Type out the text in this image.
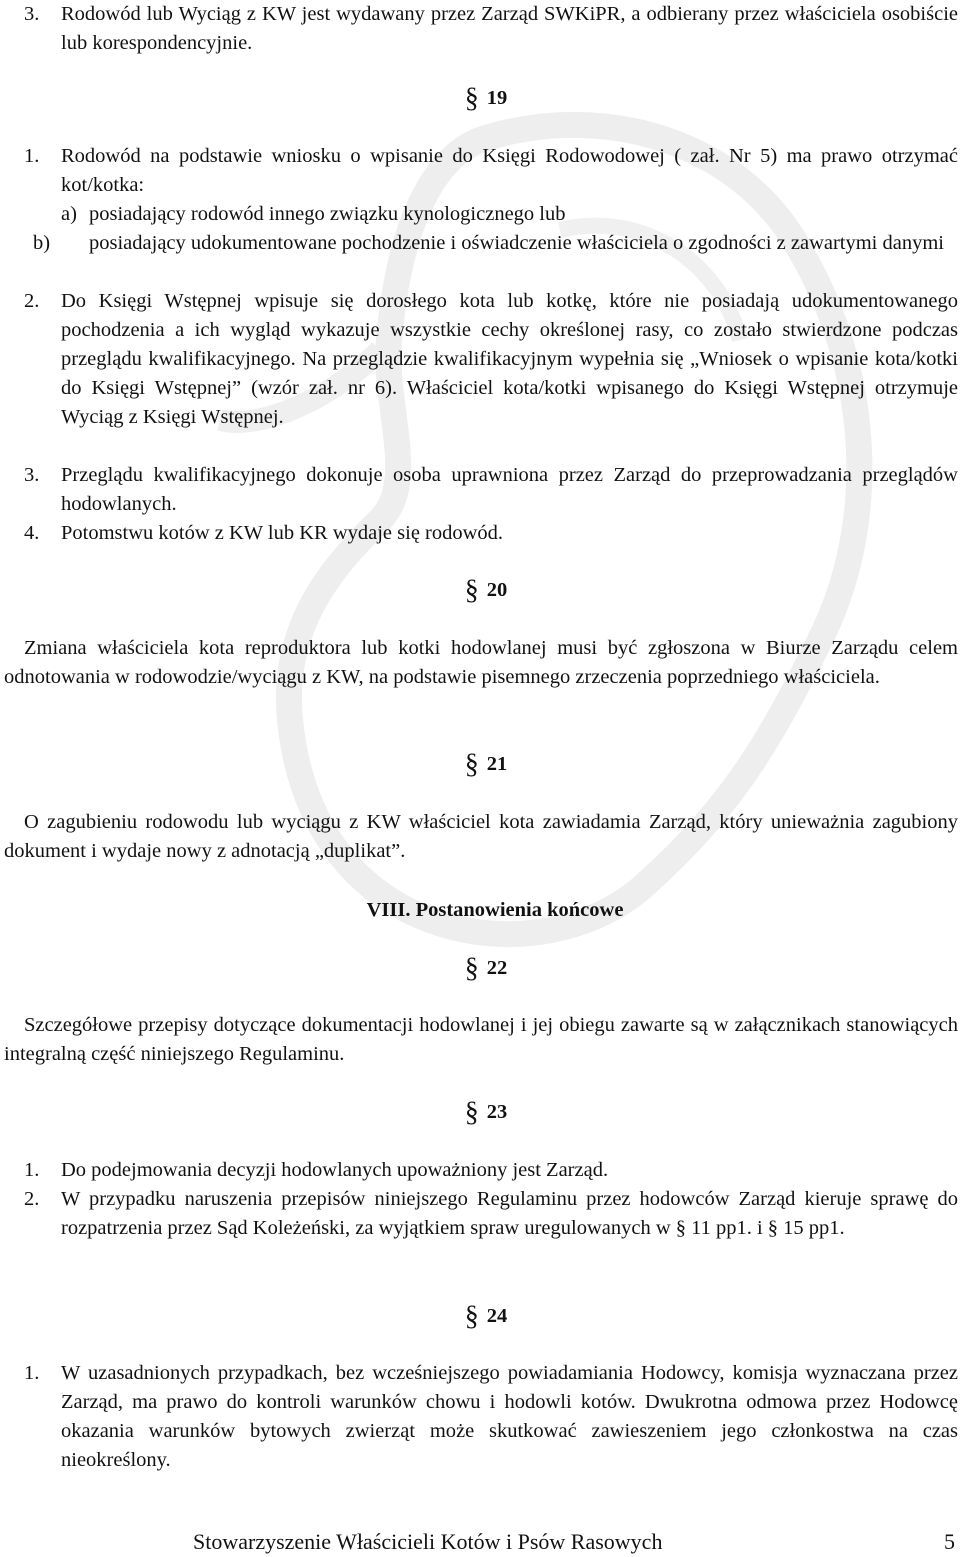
3. Rodowód lub Wyciąg z KW jest wydawany przez Zarząd SWKiPR, a odbierany przez właściciela osobiście lub korespondencyjnie.
§ 19
1. Rodowód na podstawie wniosku o wpisanie do Księgi Rodowodowej ( zał. Nr 5) ma prawo otrzymać kot/kotka:
a) posiadający rodowód innego związku kynologicznego lub
b) posiadający udokumentowane pochodzenie i oświadczenie właściciela o zgodności z zawartymi danymi
2. Do Księgi Wstępnej wpisuje się dorosłego kota lub kotkę, które nie posiadają udokumentowanego pochodzenia a ich wygląd wykazuje wszystkie cechy określonej rasy, co zostało stwierdzone podczas przeglądu kwalifikacyjnego. Na przeglądzie kwalifikacyjnym wypełnia się „Wniosek o wpisanie kota/kotki do Księgi Wstępnej” (wzór zał. nr 6). Właściciel kota/kotki wpisanego do Księgi Wstępnej otrzymuje Wyciąg z Księgi Wstępnej.
3. Przeglądu kwalifikacyjnego dokonuje osoba uprawniona przez Zarząd do przeprowadzania przeglądów hodowlanych.
4. Potomstwu kotów z KW lub KR wydaje się rodowód.
§ 20
Zmiana właściciela kota reproduktora lub kotki hodowlanej musi być zgłoszona w Biurze Zarządu celem odnotowania w rodowodzie/wyciągu z KW, na podstawie pisemnego zrzeczenia poprzedniego właściciela.
§ 21
O zagubieniu rodowodu lub wyciągu z KW właściciel kota zawiadamia Zarząd, który unieważnia zagubiony dokument i wydaje nowy z adnotacją „duplikat”.
VIII. Postanowienia końcowe
§ 22
Szczegółowe przepisy dotyczące dokumentacji hodowlanej i jej obiegu zawarte są w załącznikach stanowiących integralną część niniejszego Regulaminu.
§ 23
1. Do podejmowania decyzji hodowlanych upoważniony jest Zarząd.
2. W przypadku naruszenia przepisów niniejszego Regulaminu przez hodowców Zarząd kieruje sprawę do rozpatrzenia przez Sąd Koleżeński, za wyjątkiem spraw uregulowanych w § 11 pp1. i § 15 pp1.
§ 24
1. W uzasadnionych przypadkach, bez wcześniejszego powiadamiania Hodowcy, komisja wyznaczana przez Zarząd, ma prawo do kontroli warunków chowu i hodowli kotów. Dwukrotna odmowa przez Hodowcę okazania warunków bytowych zwierząt może skutkować zawieszeniem jego członkostwa na czas nieokreślony.
Stowarzyszenie Właścicieli Kotów i Psów Rasowych	5
